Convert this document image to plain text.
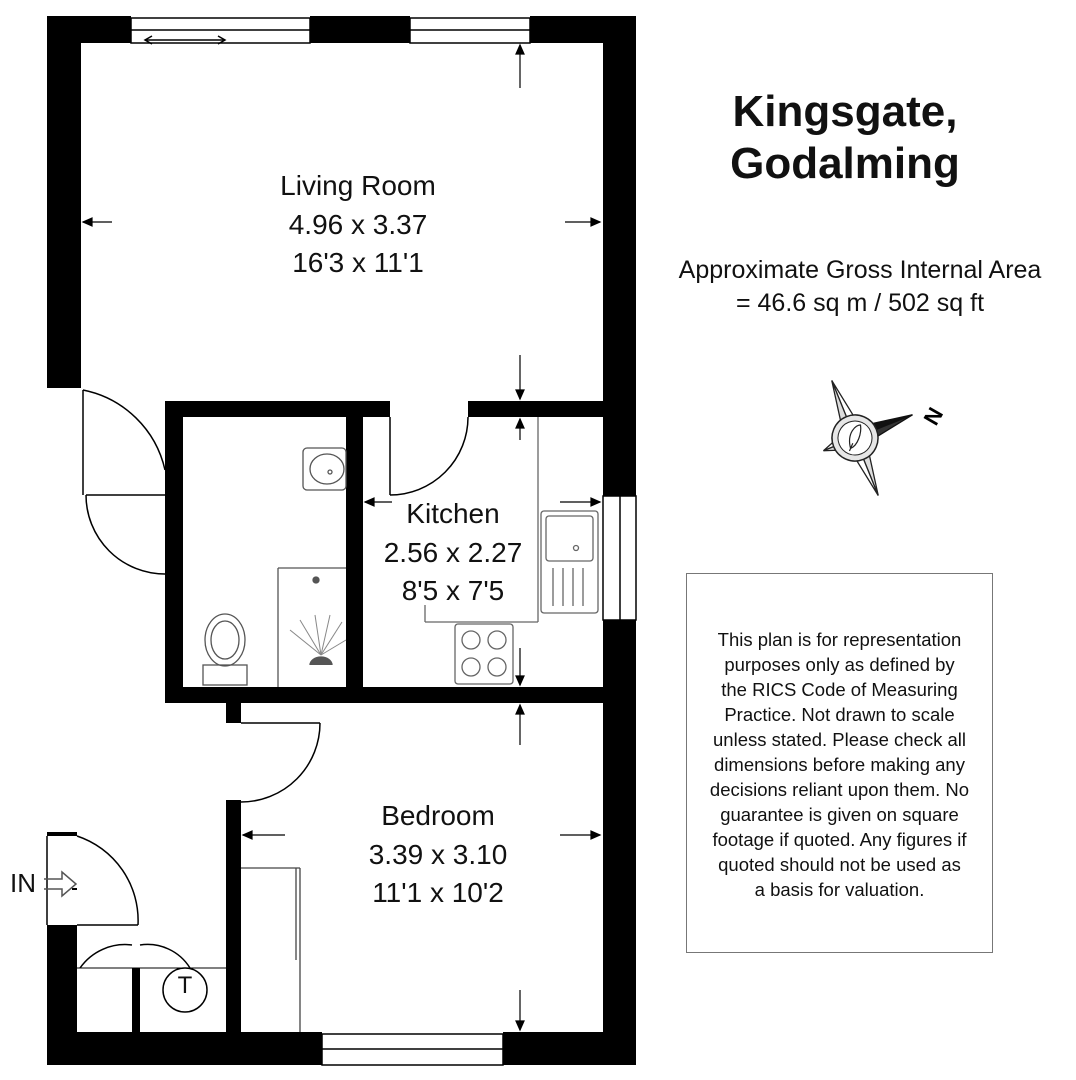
N
Kingsgate,
Godalming
Approximate Gross Internal Area
= 46.6 sq m / 502 sq ft
Living Room
4.96 x 3.37
16'3 x 11'1
Kitchen
2.56 x 2.27
8'5 x 7'5
Bedroom
3.39 x 3.10
11'1 x 10'2
IN
T
This plan is for representation
purposes only as defined by
the RICS Code of Measuring
Practice. Not drawn to scale
unless stated. Please check all
dimensions before making any
decisions reliant upon them. No
guarantee is given on square
footage if quoted. Any figures if
quoted should not be used as
a basis for valuation.
